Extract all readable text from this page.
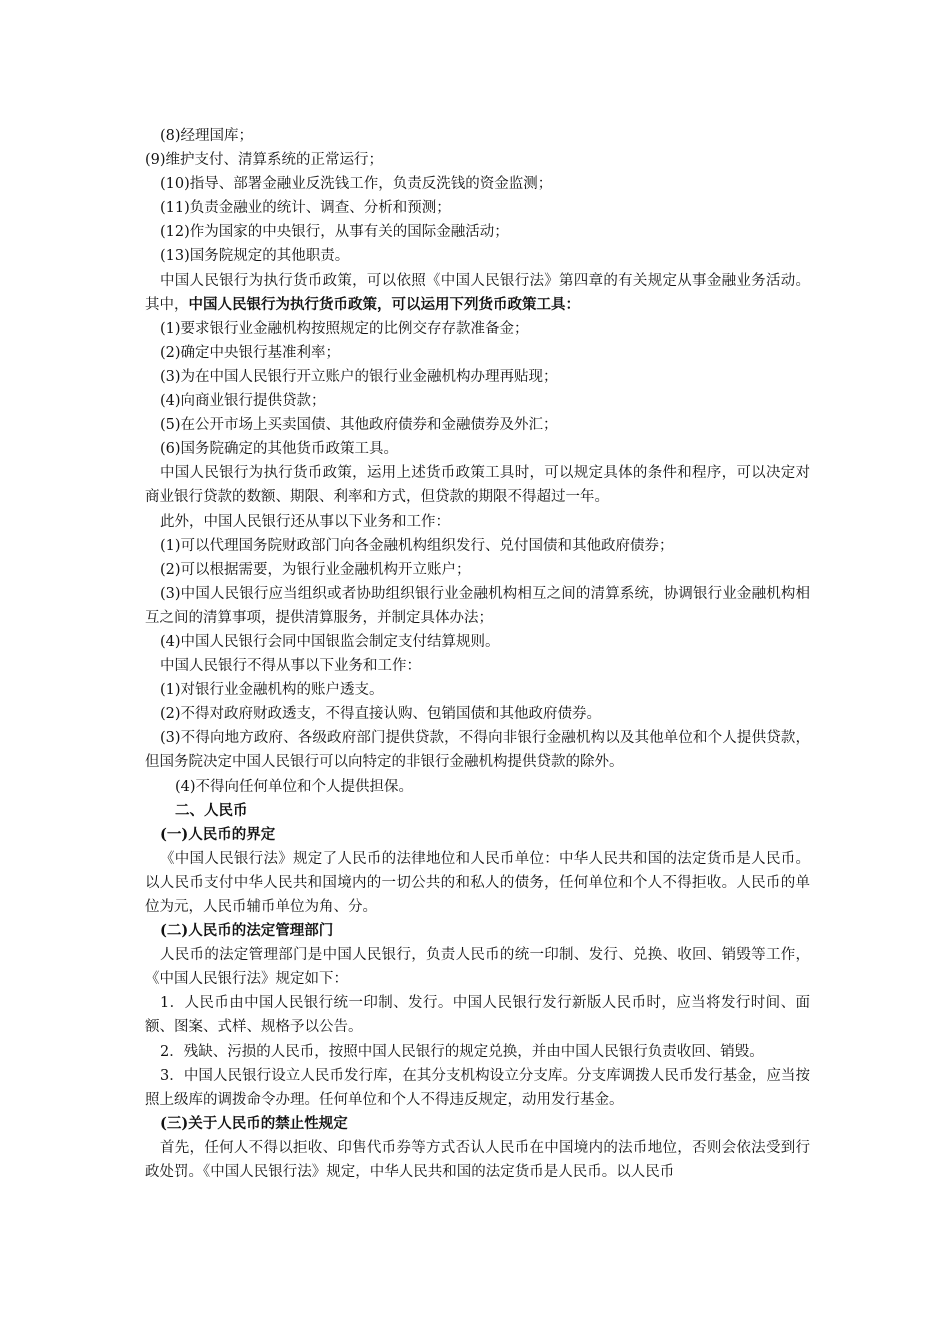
(8)经理国库；

(9)维护支付、清算系统的正常运行；

(10)指导、部署金融业反洗钱工作，负责反洗钱的资金监测；

(11)负责金融业的统计、调查、分析和预测；

(12)作为国家的中央银行，从事有关的国际金融活动；

(13)国务院规定的其他职责。

中国人民银行为执行货币政策，可以依照《中国人民银行法》第四章的有关规定从事金融业务活动。其中，中国人民银行为执行货币政策，可以运用下列货币政策工具：

(1)要求银行业金融机构按照规定的比例交存存款准备金；

(2)确定中央银行基准利率；

(3)为在中国人民银行开立账户的银行业金融机构办理再贴现；

(4)向商业银行提供贷款；

(5)在公开市场上买卖国债、其他政府债券和金融债券及外汇；

(6)国务院确定的其他货币政策工具。

中国人民银行为执行货币政策，运用上述货币政策工具时，可以规定具体的条件和程序，可以决定对商业银行贷款的数额、期限、利率和方式，但贷款的期限不得超过一年。

此外，中国人民银行还从事以下业务和工作：

(1)可以代理国务院财政部门向各金融机构组织发行、兑付国债和其他政府债券；

(2)可以根据需要，为银行业金融机构开立账户；

(3)中国人民银行应当组织或者协助组织银行业金融机构相互之间的清算系统，协调银行业金融机构相互之间的清算事项，提供清算服务，并制定具体办法；

(4)中国人民银行会同中国银监会制定支付结算规则。

中国人民银行不得从事以下业务和工作：

(1)对银行业金融机构的账户透支。

(2)不得对政府财政透支，不得直接认购、包销国债和其他政府债券。

(3)不得向地方政府、各级政府部门提供贷款，不得向非银行金融机构以及其他单位和个人提供贷款，但国务院决定中国人民银行可以向特定的非银行金融机构提供贷款的除外。

(4)不得向任何单位和个人提供担保。

二、人民币

(一)人民币的界定

《中国人民银行法》规定了人民币的法律地位和人民币单位：中华人民共和国的法定货币是人民币。以人民币支付中华人民共和国境内的一切公共的和私人的债务，任何单位和个人不得拒收。人民币的单位为元，人民币辅币单位为角、分。

(二)人民币的法定管理部门

人民币的法定管理部门是中国人民银行，负责人民币的统一印制、发行、兑换、收回、销毁等工作，《中国人民银行法》规定如下：

1．人民币由中国人民银行统一印制、发行。中国人民银行发行新版人民币时，应当将发行时间、面额、图案、式样、规格予以公告。

2．残缺、污损的人民币，按照中国人民银行的规定兑换，并由中国人民银行负责收回、销毁。

3．中国人民银行设立人民币发行库，在其分支机构设立分支库。分支库调拨人民币发行基金，应当按照上级库的调拨命令办理。任何单位和个人不得违反规定，动用发行基金。

(三)关于人民币的禁止性规定

首先，任何人不得以拒收、印售代币券等方式否认人民币在中国境内的法币地位，否则会依法受到行政处罚。《中国人民银行法》规定，中华人民共和国的法定货币是人民币。以人民币
